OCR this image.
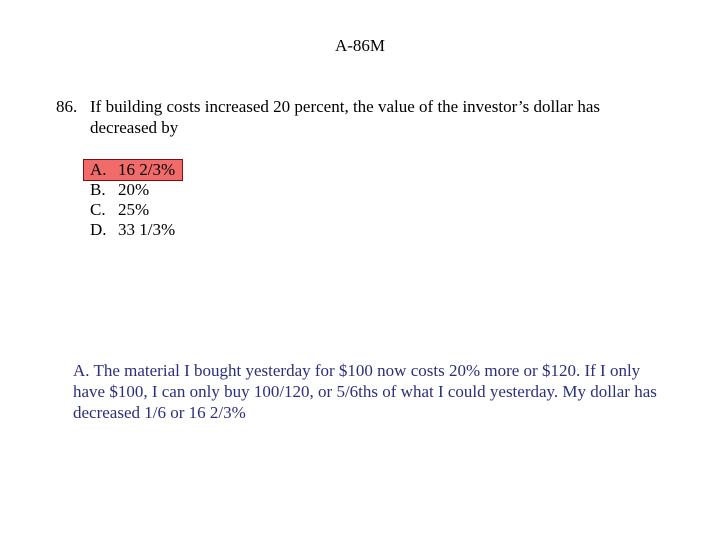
A-86M
86. If building costs increased 20 percent, the value of the investor’s dollar has decreased by
A. 16 2/3%
B. 20%
C. 25%
D. 33 1/3%
A. The material I bought yesterday for $100 now costs 20% more or $120. If I only have $100, I can only buy 100/120, or 5/6ths of what I could yesterday. My dollar has decreased 1/6 or 16 2/3%
